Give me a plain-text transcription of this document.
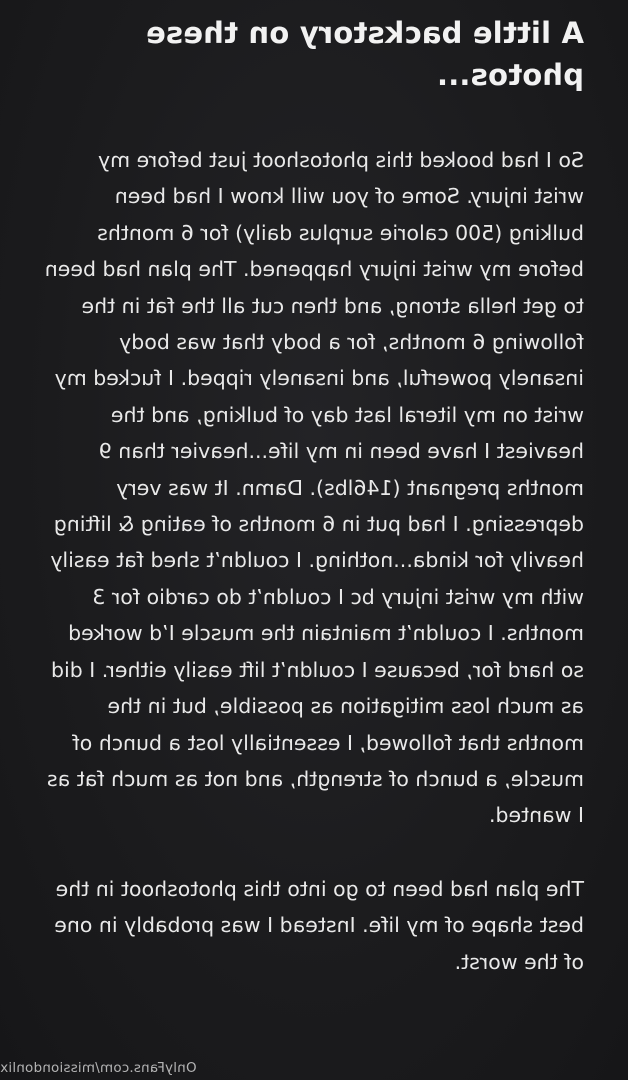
A little backstory on these photos...

So I had booked this photoshoot just before my wrist injury. Some of you will know I had been bulking (500 calorie surplus daily) for 6 months before my wrist injury happened. The plan had been to get hella strong, and then cut all the fat in the following 6 months, for a body that was body insanely powerful, and insanely ripped. I fucked my wrist on my literal last day of bulking, and the heaviest I have been in my life...heavier than 9 months pregnant (146lbs). Damn. It was very depressing. I had put in 6 months of eating & lifting heavily for kinda...nothing. I couldn’t shed fat easily with my wrist injury bc I couldn’t do cardio for 3 months. I couldn’t maintain the muscle I’d worked so hard for, because I couldn’t lift easily either. I did as much loss mitigation as possible, but in the months that followed, I essentially lost a bunch of muscle, a bunch of strength, and not as much fat as I wanted.

The plan had been to go into this photoshoot in the best shape of my life. Instead I was probably in one of the worst.

OnlyFans.com/missiondonlix
